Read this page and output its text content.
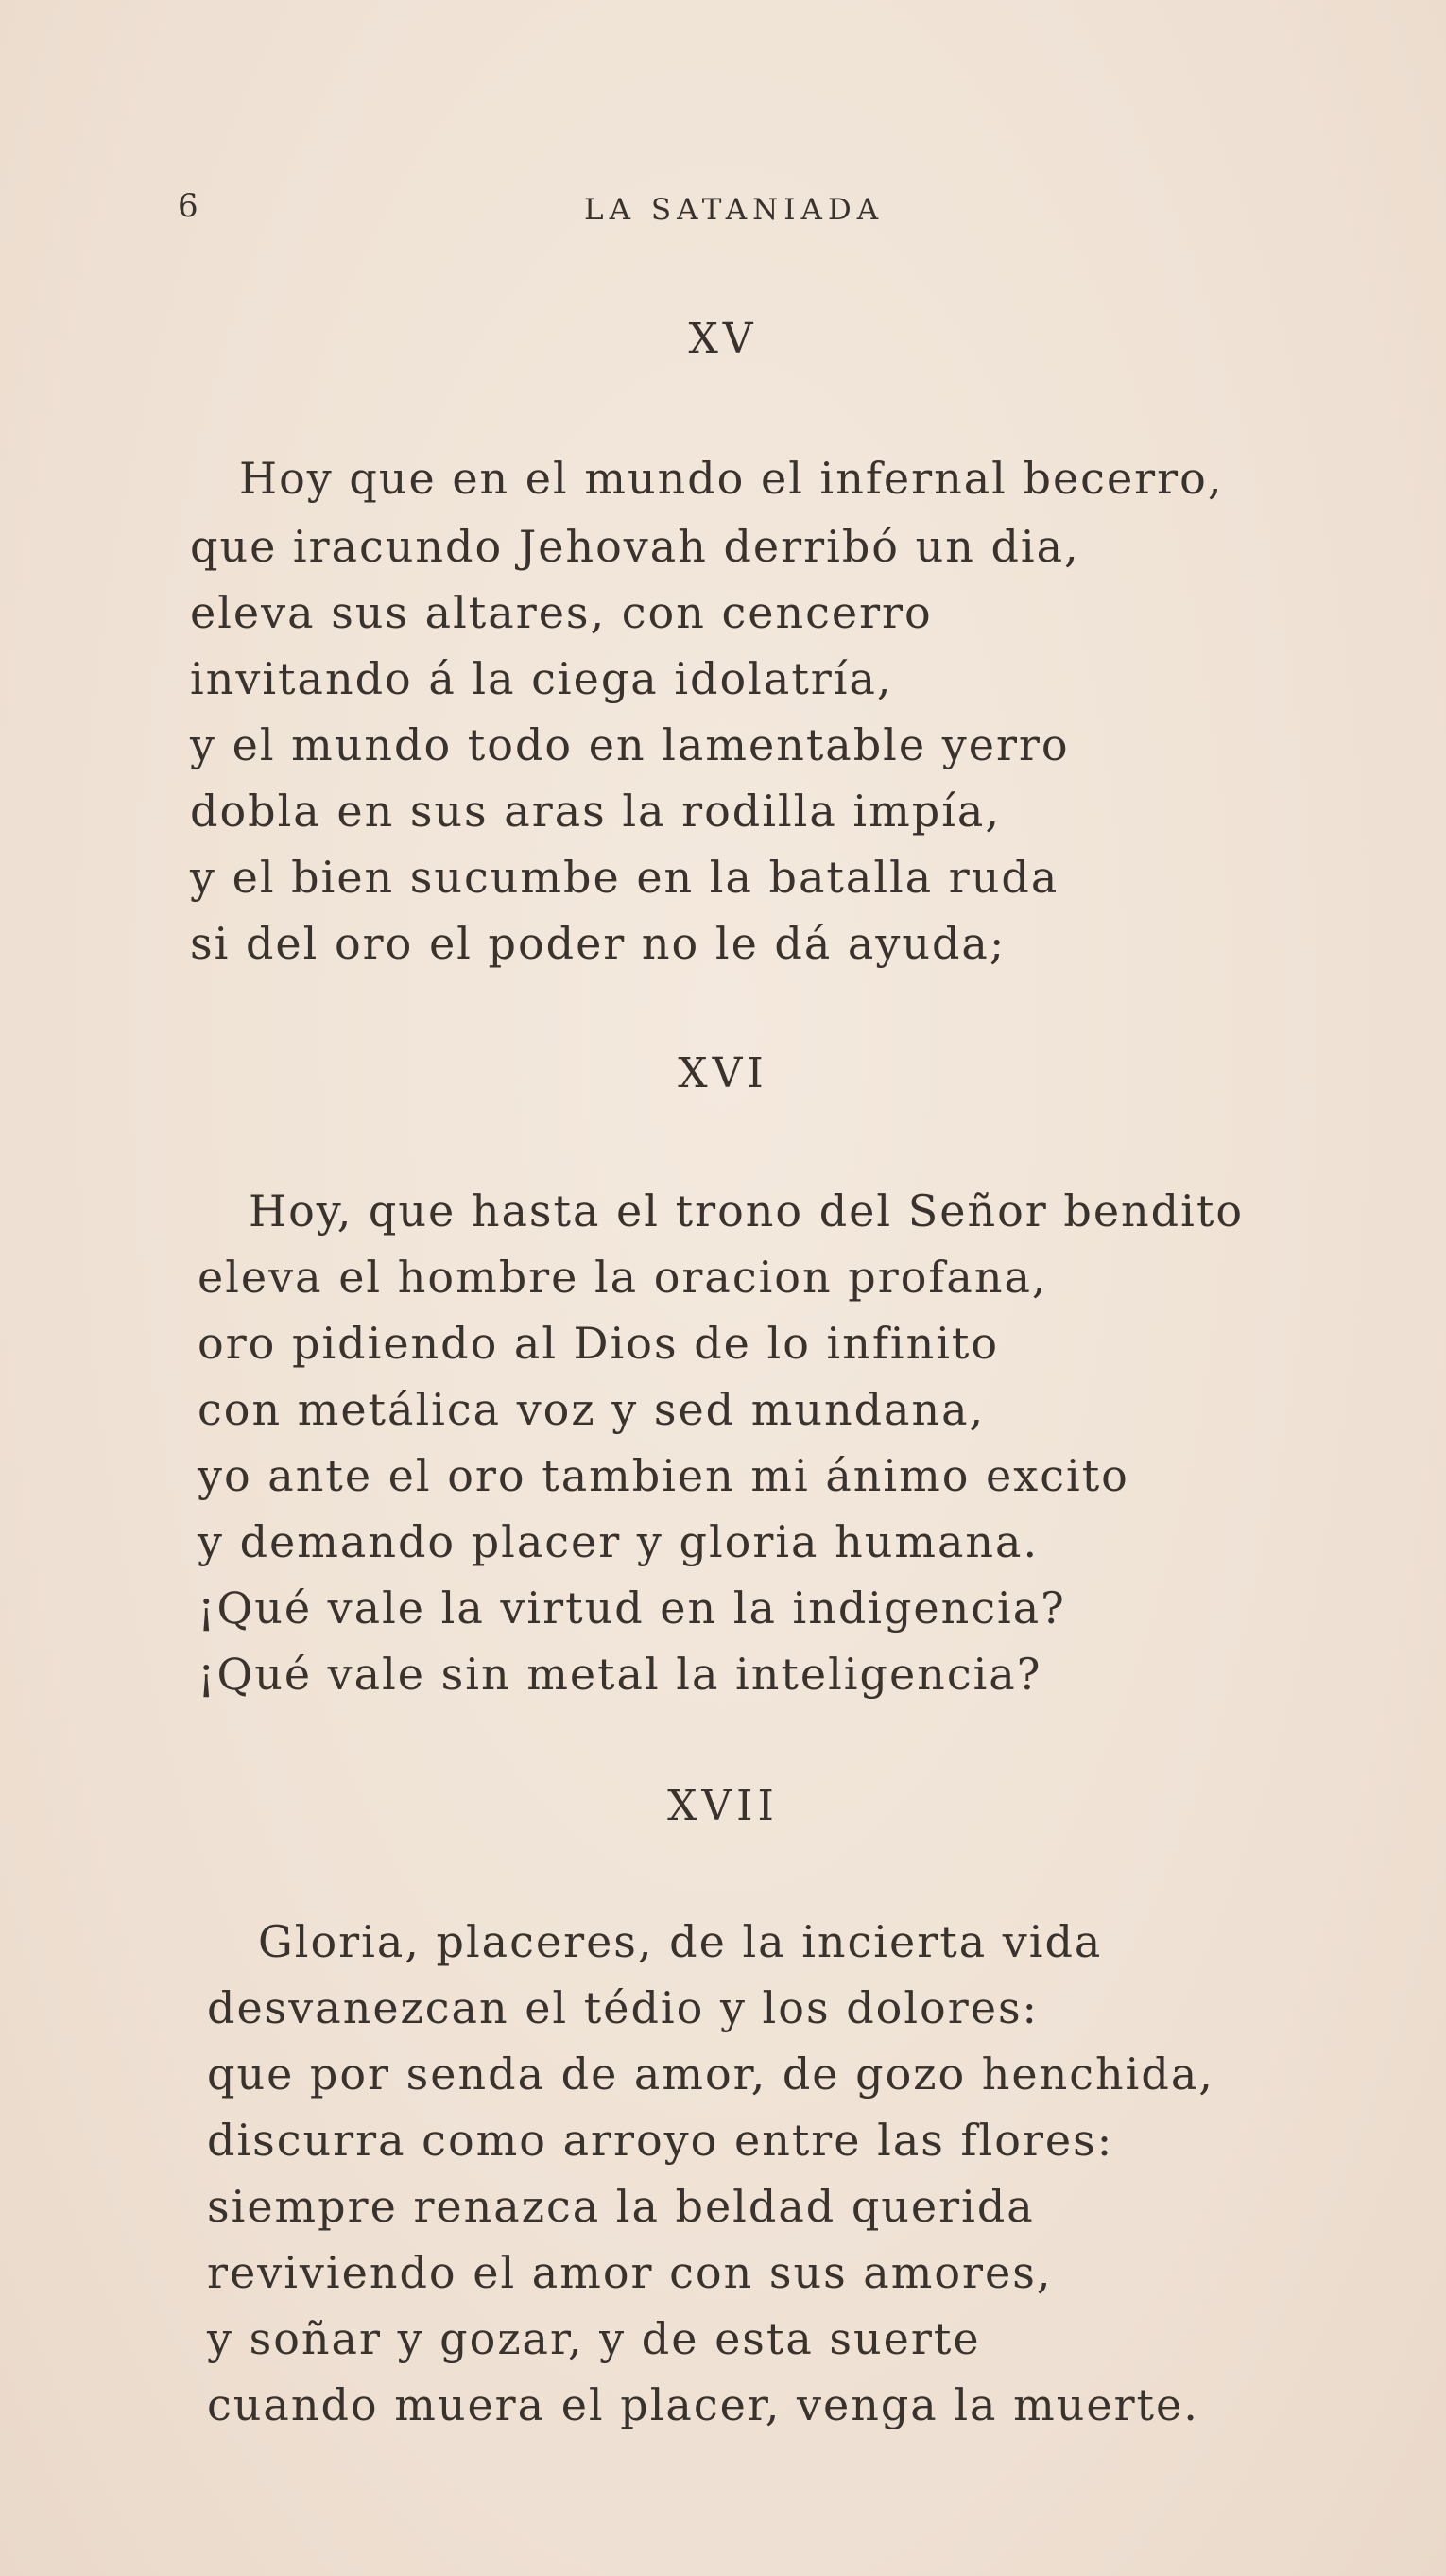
6	LA SATANIADA
XV
Hoy que en el mundo el infernal becerro,
que iracundo Jehovah derribó un dia,
eleva sus altares, con cencerro
invitando á la ciega idolatría,
y el mundo todo en lamentable yerro
dobla en sus aras la rodilla impía,
y el bien sucumbe en la batalla ruda
si del oro el poder no le dá ayuda;
XVI
Hoy, que hasta el trono del Señor bendito
eleva el hombre la oracion profana,
oro pidiendo al Dios de lo infinito
con metálica voz y sed mundana,
yo ante el oro tambien mi ánimo excito
y demando placer y gloria humana.
¡Qué vale la virtud en la indigencia?
¡Qué vale sin metal la inteligencia?
XVII
Gloria, placeres, de la incierta vida
desvanezcan el tédio y los dolores:
que por senda de amor, de gozo henchida,
discurra como arroyo entre las flores:
siempre renazca la beldad querida
reviviendo el amor con sus amores,
y soñar y gozar, y de esta suerte
cuando muera el placer, venga la muerte.
